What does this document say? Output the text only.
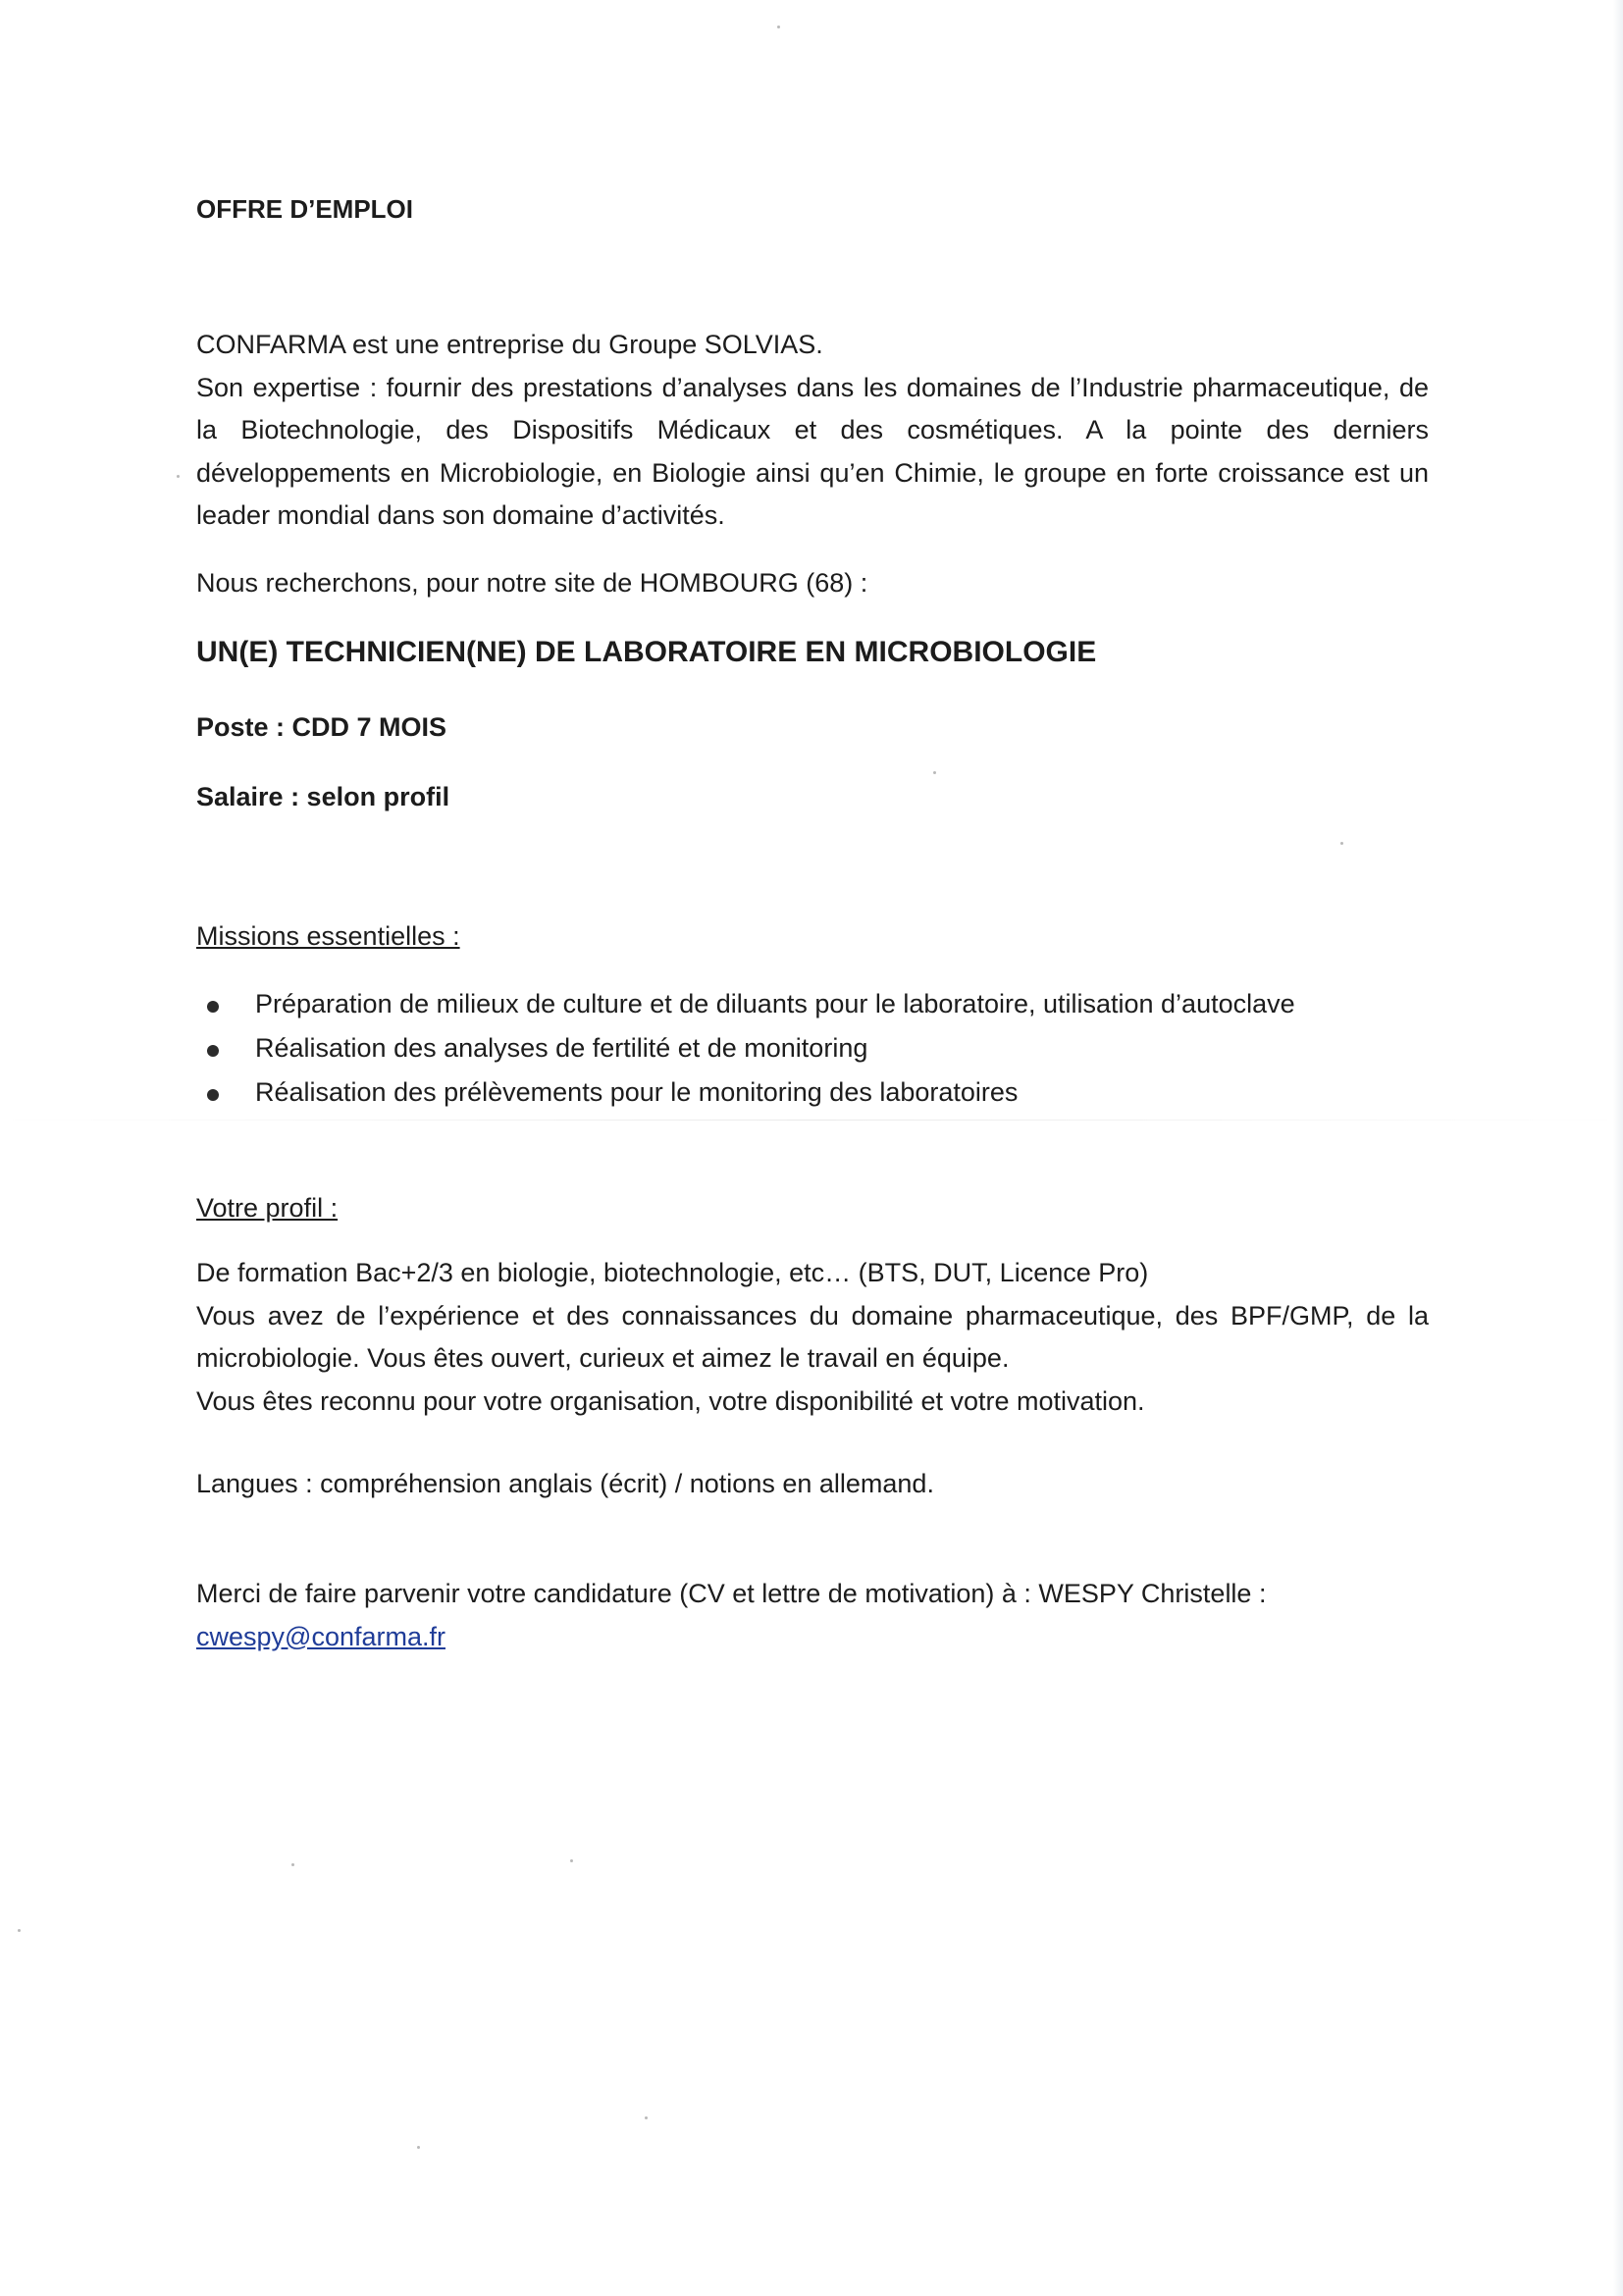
OFFRE D’EMPLOI
CONFARMA est une entreprise du Groupe SOLVIAS.
Son expertise : fournir des prestations d’analyses dans les domaines de l’Industrie pharmaceutique, de la Biotechnologie, des Dispositifs Médicaux et des cosmétiques. A la pointe des derniers développements en Microbiologie, en Biologie ainsi qu’en Chimie, le groupe en forte croissance est un leader mondial dans son domaine d’activités.
Nous recherchons, pour notre site de HOMBOURG (68) :
UN(E) TECHNICIEN(NE) DE LABORATOIRE EN MICROBIOLOGIE
Poste : CDD 7 MOIS
Salaire : selon profil
Missions essentielles :
Préparation de milieux de culture et de diluants pour le laboratoire, utilisation d’autoclave
Réalisation des analyses de fertilité et de monitoring
Réalisation des prélèvements pour le monitoring des laboratoires
Votre profil :
De formation Bac+2/3 en biologie, biotechnologie, etc… (BTS, DUT, Licence Pro)
Vous avez de l’expérience et des connaissances du domaine pharmaceutique, des BPF/GMP, de la microbiologie. Vous êtes ouvert, curieux et aimez le travail en équipe.
Vous êtes reconnu pour votre organisation, votre disponibilité et votre motivation.
Langues : compréhension anglais (écrit) / notions en allemand.
Merci de faire parvenir votre candidature (CV et lettre de motivation) à : WESPY Christelle :
cwespy@confarma.fr
